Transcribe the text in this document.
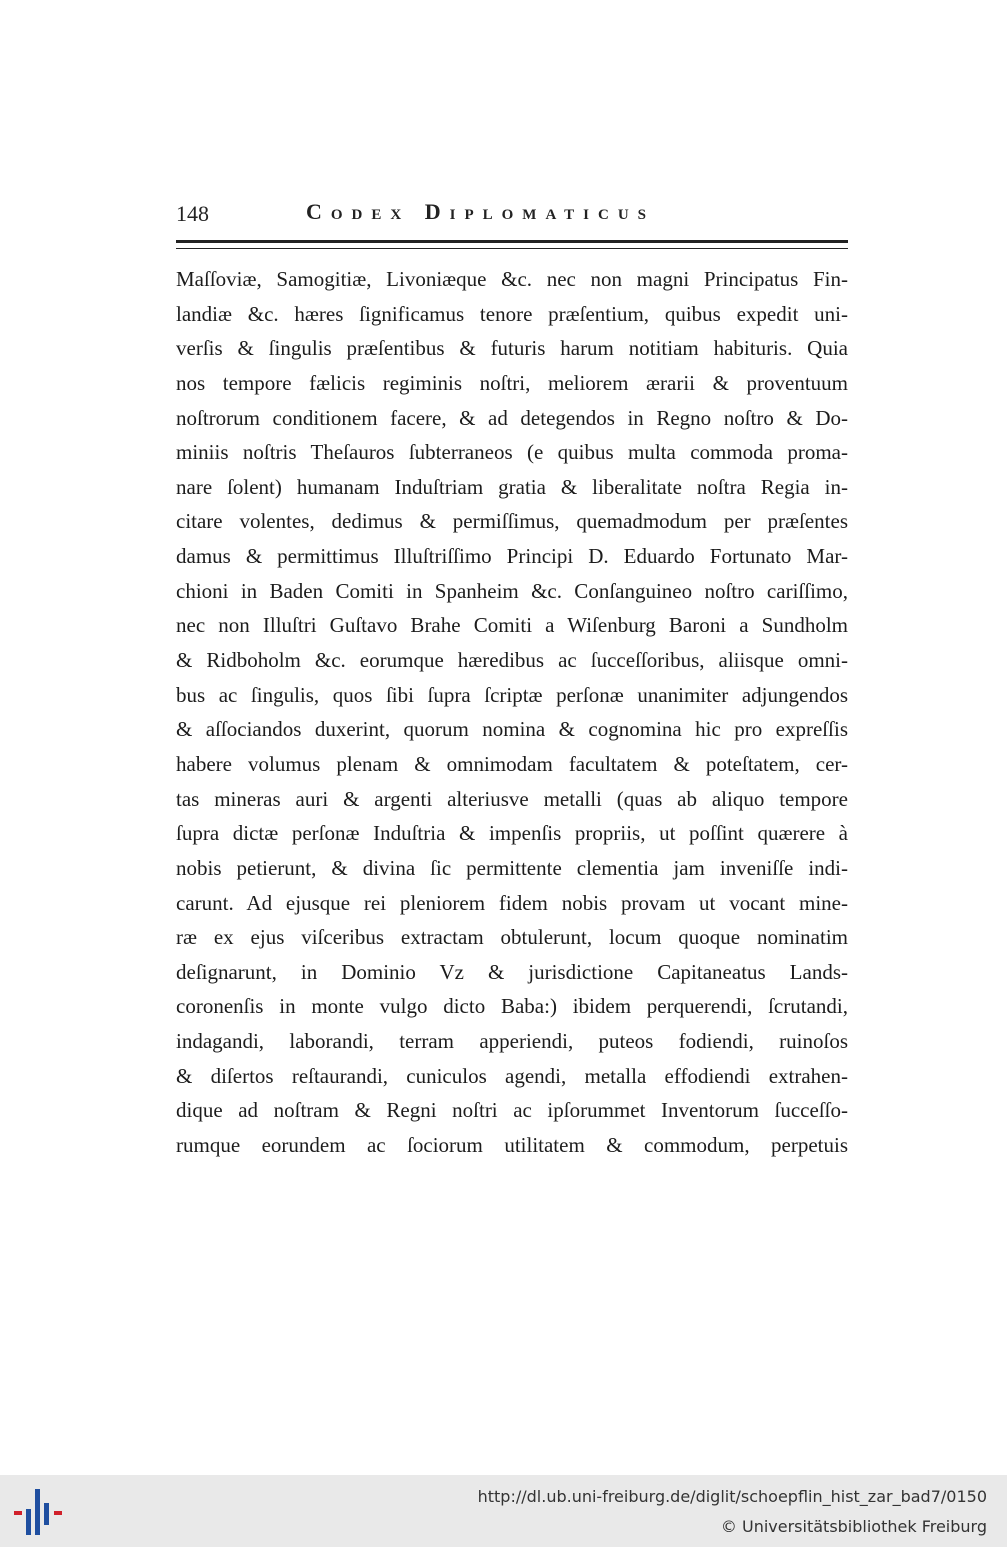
148	Codex Diplomaticus
Maſſoviæ, Samogitiæ, Livoniæque &c. nec non magni Principatus Fin-
landiæ &c. hæres ſignificamus tenore præſentium, quibus expedit uni-
verſis & ſingulis præſentibus & futuris harum notitiam habituris. Quia
nos tempore fælicis regiminis noſtri, meliorem ærarii & proventuum
noſtrorum conditionem facere, & ad detegendos in Regno noſtro & Do-
miniis noſtris Theſauros ſubterraneos (e quibus multa commoda proma-
nare ſolent) humanam Induſtriam gratia & liberalitate noſtra Regia in-
citare volentes, dedimus & permiſſimus, quemadmodum per præſentes
damus & permittimus Illuſtriſſimo Principi D. Eduardo Fortunato Mar-
chioni in Baden Comiti in Spanheim &c. Conſanguineo noſtro cariſſimo,
nec non Illuſtri Guſtavo Brahe Comiti a Wiſenburg Baroni a Sundholm
& Ridboholm &c. eorumque hæredibus ac ſucceſſoribus, aliisque omni-
bus ac ſingulis, quos ſibi ſupra ſcriptæ perſonæ unanimiter adjungendos
& aſſociandos duxerint, quorum nomina & cognomina hic pro expreſſis
habere volumus plenam & omnimodam facultatem & poteſtatem, cer-
tas mineras auri & argenti alteriusve metalli (quas ab aliquo tempore
ſupra dictæ perſonæ Induſtria & impenſis propriis, ut poſſint quærere à
nobis petierunt, & divina ſic permittente clementia jam inveniſſe indi-
carunt. Ad ejusque rei pleniorem fidem nobis provam ut vocant mine-
ræ ex ejus viſceribus extractam obtulerunt, locum quoque nominatim
deſignarunt, in Dominio Vz & jurisdictione Capitaneatus Lands-
coronenſis in monte vulgo dicto Baba:) ibidem perquerendi, ſcrutandi,
indagandi, laborandi, terram apperiendi, puteos fodiendi, ruinoſos
& diſertos reſtaurandi, cuniculos agendi, metalla effodiendi extrahen-
dique ad noſtram & Regni noſtri ac ipſorummet Inventorum ſucceſſo-
rumque eorundem ac ſociorum utilitatem & commodum, perpetuis
http://dl.ub.uni-freiburg.de/diglit/schoepflin_hist_zar_bad7/0150
© Universitätsbibliothek Freiburg
